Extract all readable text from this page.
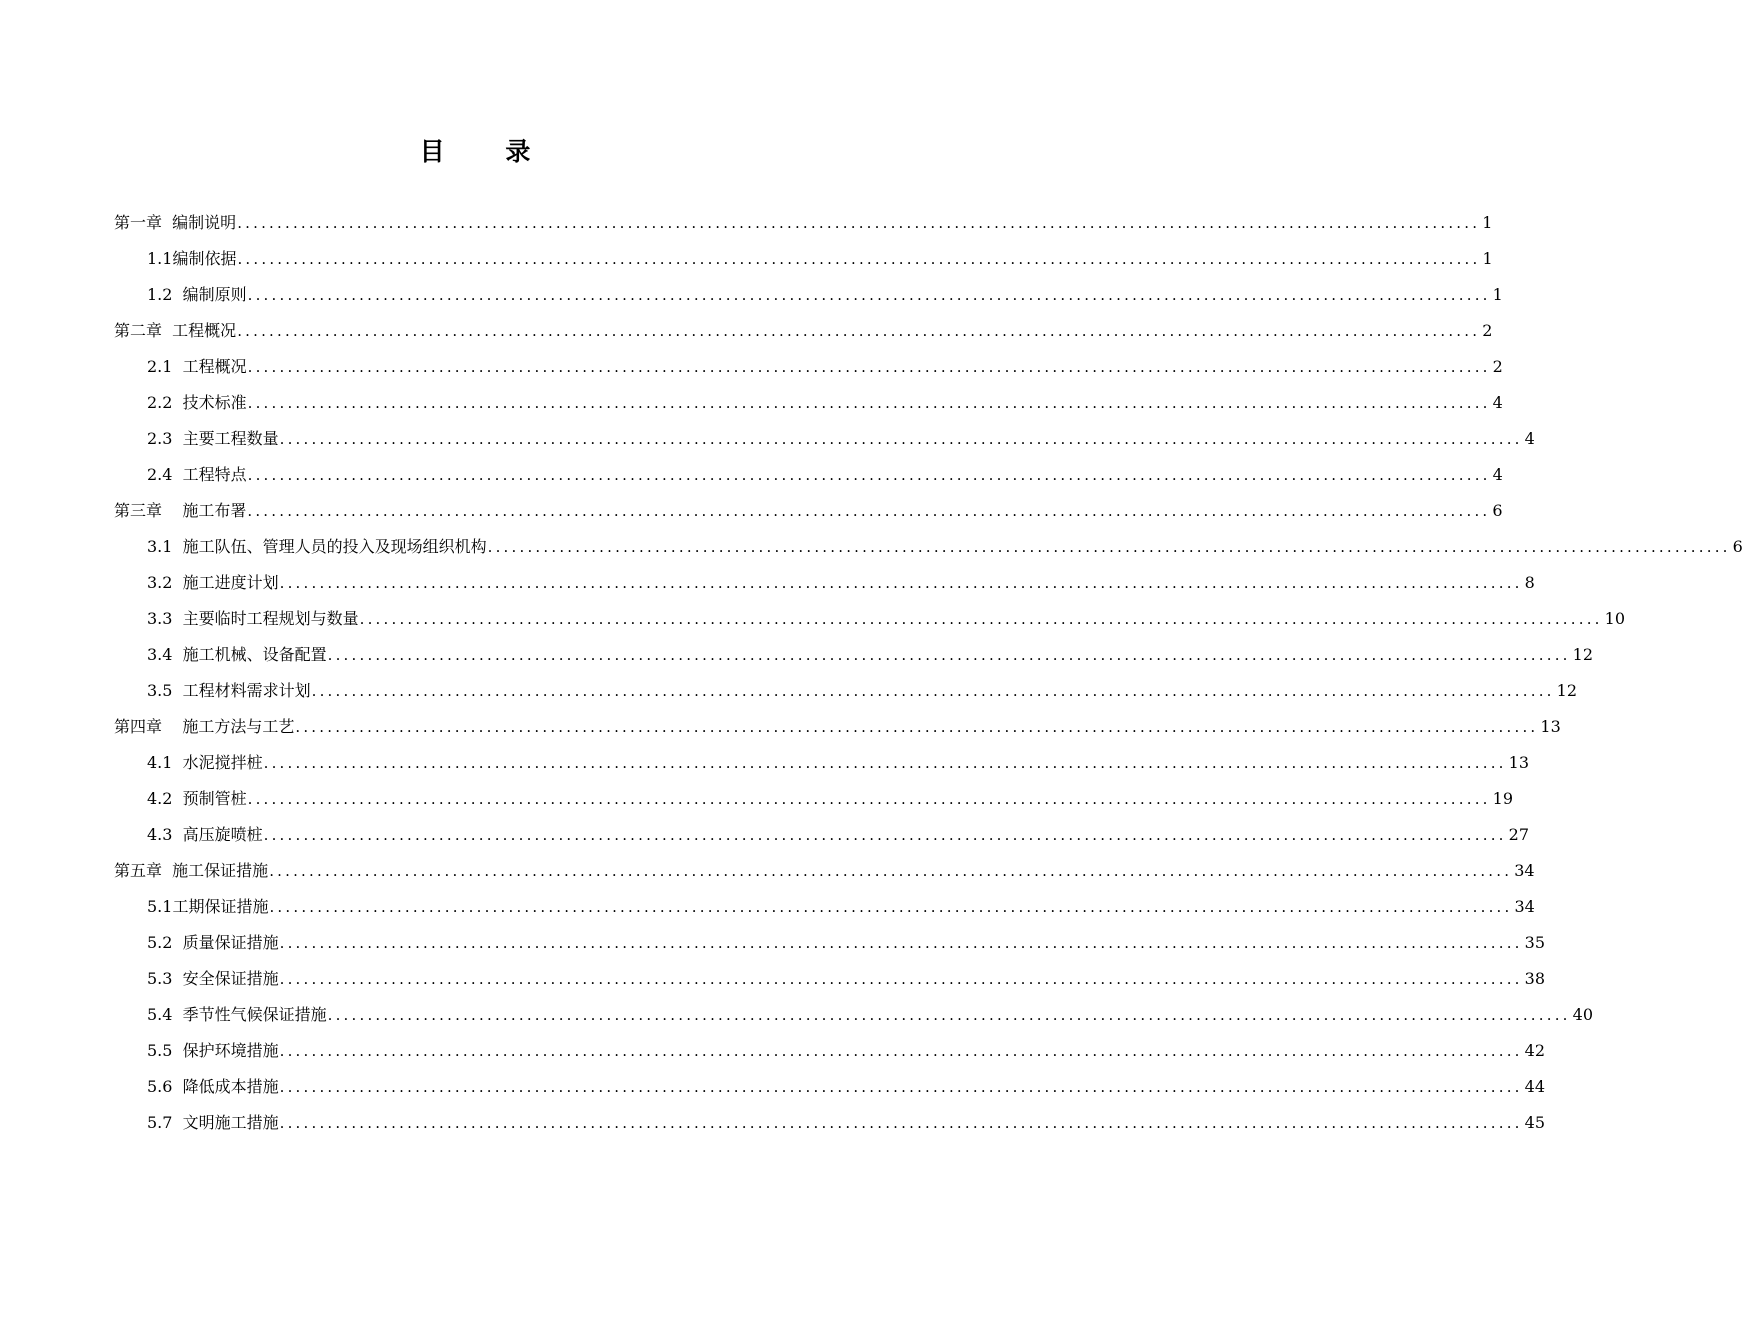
目 录
第一章  编制说明 ............................................................................................................................................................ 1
1.1编制依据 ............................................................................................................................................................ 1
1.2  编制原则 ............................................................................................................................................................ 1
第二章  工程概况 ............................................................................................................................................................ 2
2.1  工程概况 ............................................................................................................................................................ 2
2.2  技术标准 ............................................................................................................................................................ 4
2.3  主要工程数量 ............................................................................................................................................................ 4
2.4  工程特点 ............................................................................................................................................................ 4
第三章    施工布署 ............................................................................................................................................................ 6
3.1  施工队伍、管理人员的投入及现场组织机构 ............................................................................................................................................................ 6
3.2  施工进度计划 ............................................................................................................................................................ 8
3.3  主要临时工程规划与数量 ............................................................................................................................................................ 10
3.4  施工机械、设备配置 ............................................................................................................................................................ 12
3.5  工程材料需求计划 ............................................................................................................................................................ 12
第四章    施工方法与工艺 ............................................................................................................................................................ 13
4.1  水泥搅拌桩 ............................................................................................................................................................ 13
4.2  预制管桩 ............................................................................................................................................................ 19
4.3  高压旋喷桩 ............................................................................................................................................................ 27
第五章  施工保证措施 ............................................................................................................................................................ 34
5.1工期保证措施 ............................................................................................................................................................ 34
5.2  质量保证措施 ............................................................................................................................................................ 35
5.3  安全保证措施 ............................................................................................................................................................ 38
5.4  季节性气候保证措施 ............................................................................................................................................................ 40
5.5  保护环境措施 ............................................................................................................................................................ 42
5.6  降低成本措施 ............................................................................................................................................................ 44
5.7  文明施工措施 ............................................................................................................................................................ 45
